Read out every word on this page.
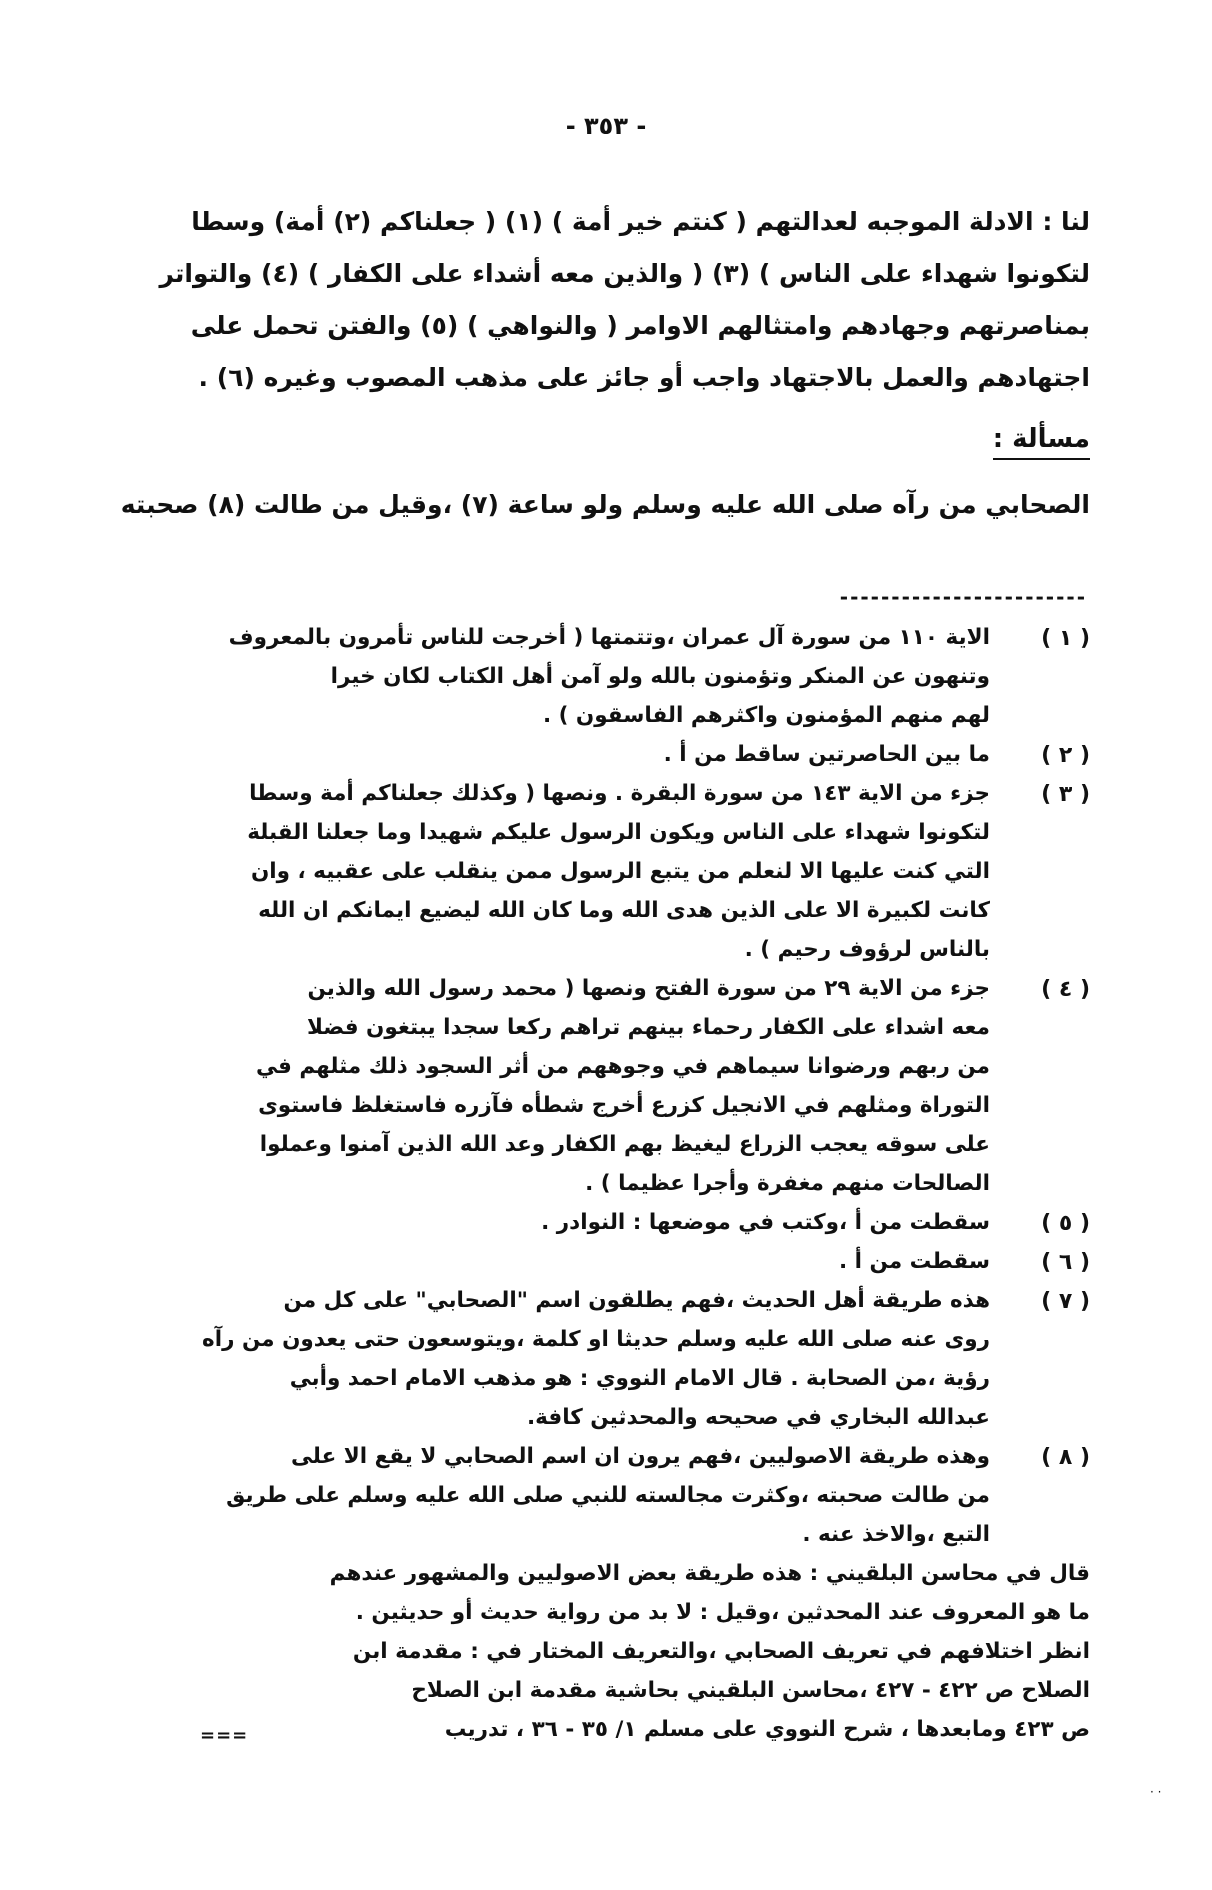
- ٣٥٣ -
لنا : الادلة الموجبه لعدالتهم ( كنتم خير أمة ) (١) ( جعلناكم (٢) أمة) وسطا
لتكونوا شهداء على الناس ) (٣) ( والذين معه أشداء على الكفار ) (٤) والتواتر
بمناصرتهم وجهادهم وامتثالهم الاوامر ( والنواهي ) (٥) والفتن تحمل على
اجتهادهم والعمل بالاجتهاد واجب أو جائز على مذهب المصوب وغيره (٦) .
مسألة :
الصحابي من رآه صلى الله عليه وسلم ولو ساعة (٧) ،وقيل من طالت (٨) صحبته
------------------------
( ١ )
الاية ١١٠ من سورة آل عمران ،وتتمتها ( أخرجت للناس تأمرون بالمعروف
وتنهون عن المنكر وتؤمنون بالله ولو آمن أهل الكتاب لكان خيرا
لهم منهم المؤمنون واكثرهم الفاسقون ) .
( ٢ )
ما بين الحاصرتين ساقط من أ .
( ٣ )
جزء من الاية ١٤٣ من سورة البقرة . ونصها ( وكذلك جعلناكم أمة وسطا
لتكونوا شهداء على الناس ويكون الرسول عليكم شهيدا وما جعلنا القبلة
التي كنت عليها الا لنعلم من يتبع الرسول ممن ينقلب على عقبيه ، وان
كانت لكبيرة الا على الذين هدى الله وما كان الله ليضيع ايمانكم ان الله
بالناس لرؤوف رحيم ) .
( ٤ )
جزء من الاية ٢٩ من سورة الفتح ونصها ( محمد رسول الله والذين
معه اشداء على الكفار رحماء بينهم تراهم ركعا سجدا يبتغون فضلا
من ربهم ورضوانا سيماهم في وجوههم من أثر السجود ذلك مثلهم في
التوراة ومثلهم في الانجيل كزرع أخرج شطأه فآزره فاستغلظ فاستوى
على سوقه يعجب الزراع ليغيظ بهم الكفار وعد الله الذين آمنوا وعملوا
الصالحات منهم مغفرة وأجرا عظيما ) .
( ٥ )
سقطت من أ ،وكتب في موضعها : النوادر .
( ٦ )
سقطت من أ .
( ٧ )
هذه طريقة أهل الحديث ،فهم يطلقون اسم "الصحابي" على كل من
روى عنه صلى الله عليه وسلم حديثا او كلمة ،ويتوسعون حتى يعدون من رآه
رؤية ،من الصحابة . قال الامام النووي : هو مذهب الامام احمد وأبي
عبدالله البخاري في صحيحه والمحدثين كافة.
( ٨ )
وهذه طريقة الاصوليين ،فهم يرون ان اسم الصحابي لا يقع الا على
من طالت صحبته ،وكثرت مجالسته للنبي صلى الله عليه وسلم على طريق
التبع ،والاخذ عنه .
قال في محاسن البلقيني : هذه طريقة بعض الاصوليين والمشهور عندهم
ما هو المعروف عند المحدثين ،وقيل : لا بد من رواية حديث أو حديثين .
انظر اختلافهم في تعريف الصحابي ،والتعريف المختار في : مقدمة ابن
الصلاح ص ٤٢٢ - ٤٢٧ ،محاسن البلقيني بحاشية مقدمة ابن الصلاح
ص ٤٢٣ ومابعدها ، شرح النووي على مسلم ١/ ٣٥ - ٣٦ ، تدريب
===
· ·
